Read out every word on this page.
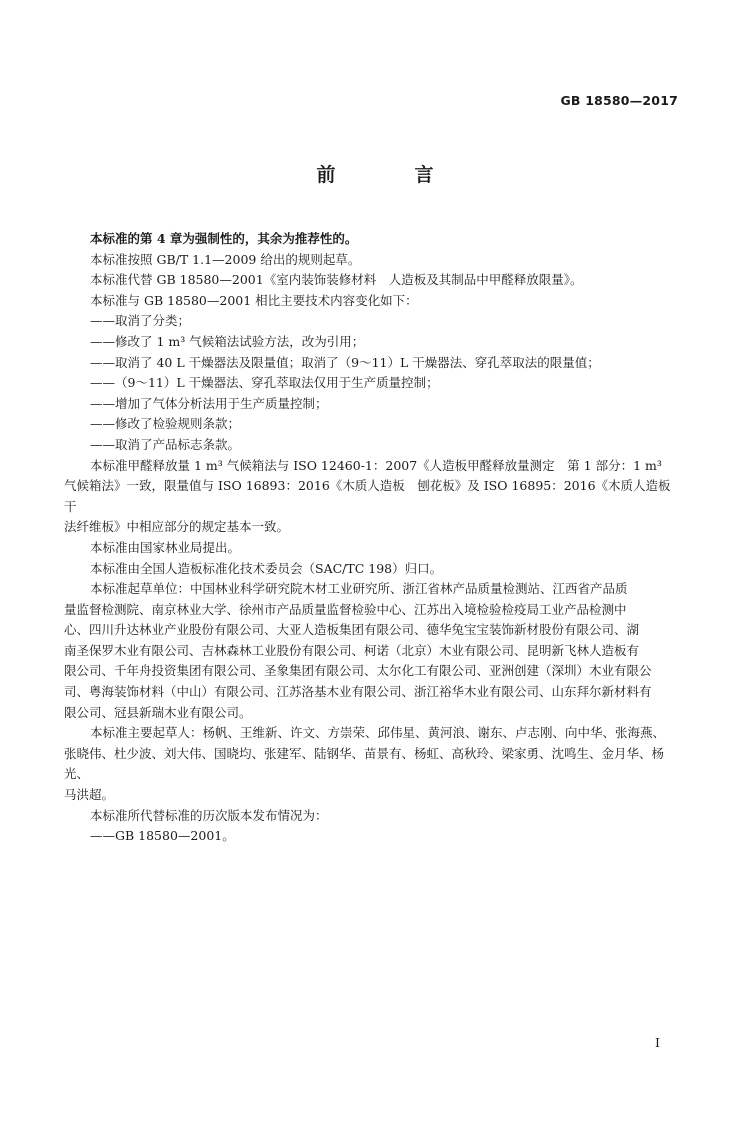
GB 18580—2017
前　言

本标准的第 4 章为强制性的，其余为推荐性的。

本标准按照 GB/T 1.1—2009 给出的规则起草。

本标准代替 GB 18580—2001《室内装饰装修材料　人造板及其制品中甲醛释放限量》。

本标准与 GB 18580—2001 相比主要技术内容变化如下：

——取消了分类；

——修改了 1 m³ 气候箱法试验方法，改为引用；

——取消了 40 L 干燥器法及限量值；取消了（9～11）L 干燥器法、穿孔萃取法的限量值；

——（9～11）L 干燥器法、穿孔萃取法仅用于生产质量控制；

——增加了气体分析法用于生产质量控制；

——修改了检验规则条款；

——取消了产品标志条款。

本标准甲醛释放量 1 m³ 气候箱法与 ISO 12460-1：2007《人造板甲醛释放量测定　第 1 部分：1 m³

气候箱法》一致，限量值与 ISO 16893：2016《木质人造板　刨花板》及 ISO 16895：2016《木质人造板　干

法纤维板》中相应部分的规定基本一致。

本标准由国家林业局提出。

本标准由全国人造板标准化技术委员会（SAC/TC 198）归口。

本标准起草单位：中国林业科学研究院木材工业研究所、浙江省林产品质量检测站、江西省产品质

量监督检测院、南京林业大学、徐州市产品质量监督检验中心、江苏出入境检验检疫局工业产品检测中

心、四川升达林业产业股份有限公司、大亚人造板集团有限公司、德华兔宝宝装饰新材股份有限公司、湖

南圣保罗木业有限公司、吉林森林工业股份有限公司、柯诺（北京）木业有限公司、昆明新飞林人造板有

限公司、千年舟投资集团有限公司、圣象集团有限公司、太尔化工有限公司、亚洲创建（深圳）木业有限公

司、粤海装饰材料（中山）有限公司、江苏洛基木业有限公司、浙江裕华木业有限公司、山东拜尔新材料有

限公司、冠县新瑞木业有限公司。

本标准主要起草人：杨帆、王维新、许文、方崇荣、邱伟星、黄河浪、谢东、卢志刚、向中华、张海燕、

张晓伟、杜少波、刘大伟、国晓均、张建军、陆钢华、苗景有、杨虹、高秋玲、梁家勇、沈鸣生、金月华、杨光、

马洪超。

本标准所代替标准的历次版本发布情况为：

——GB 18580—2001。

I
